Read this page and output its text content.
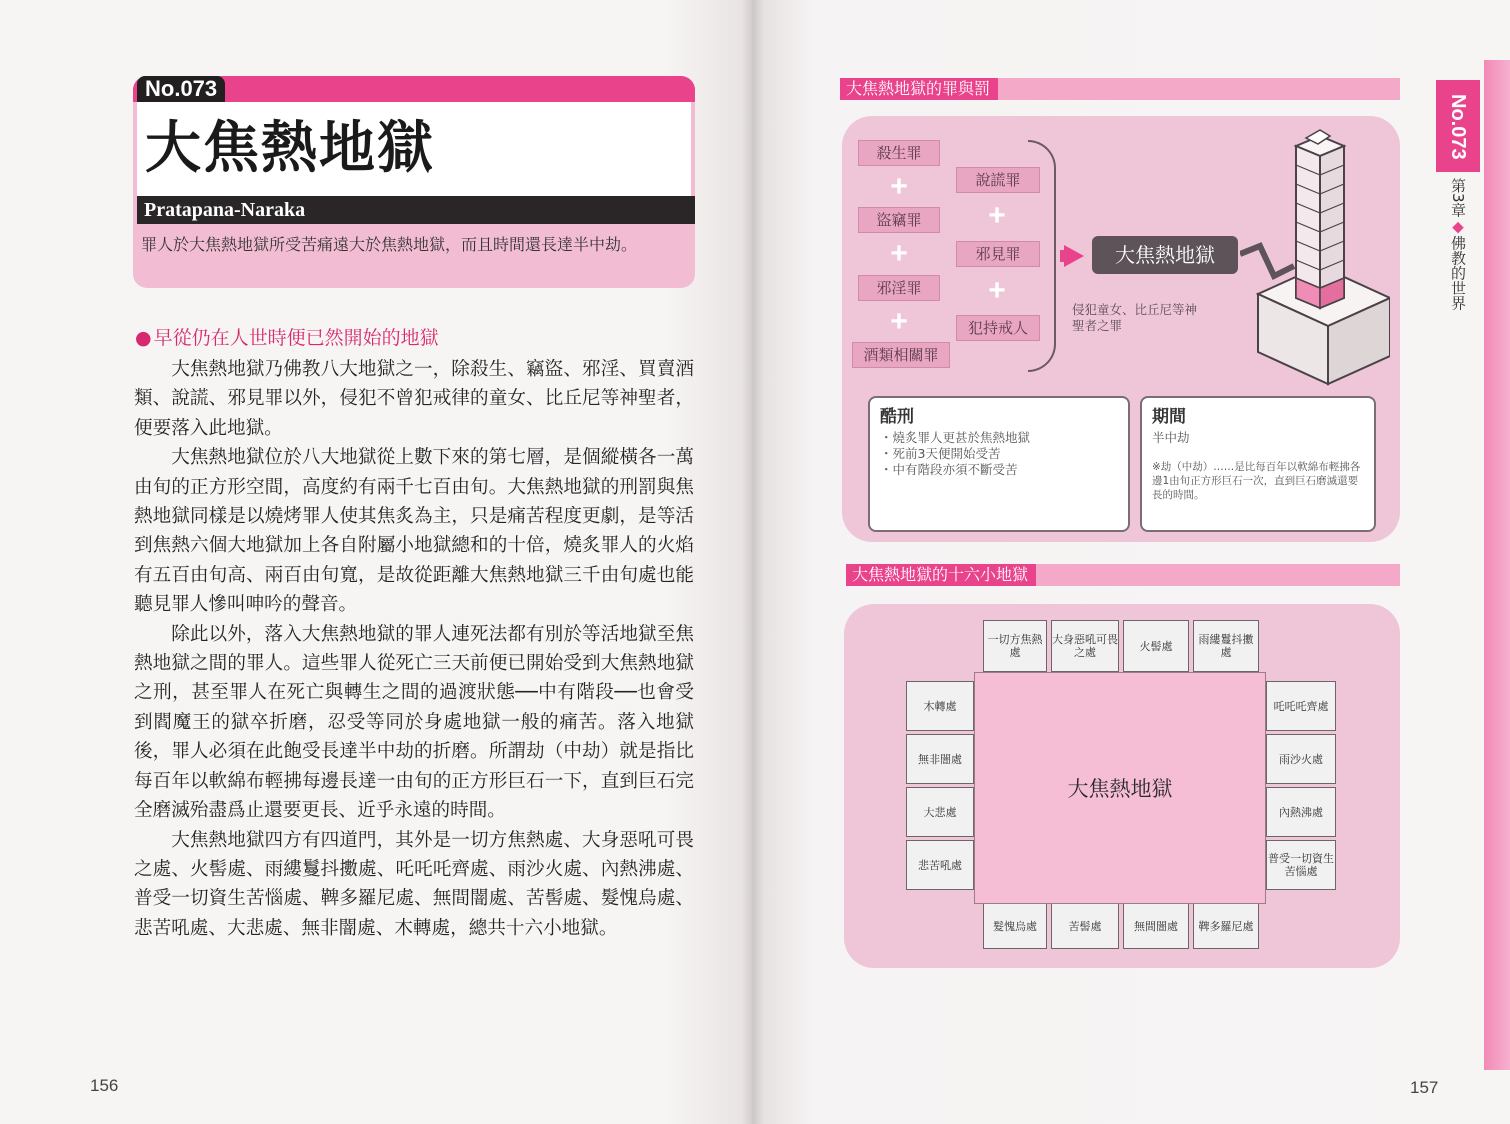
No.073
大焦熱地獄
Pratapana-Naraka
罪人於大焦熱地獄所受苦痛遠大於焦熱地獄，而且時間還長達半中劫。
● 早從仍在人世時便已然開始的地獄

大焦熱地獄乃佛教八大地獄之一，除殺生、竊盜、邪淫、買賣酒類、說謊、邪見罪以外，侵犯不曾犯戒律的童女、比丘尼等神聖者，便要落入此地獄。

大焦熱地獄位於八大地獄從上數下來的第七層，是個縱橫各一萬由旬的正方形空間，高度約有兩千七百由旬。大焦熱地獄的刑罰與焦熱地獄同樣是以燒烤罪人使其焦炙為主，只是痛苦程度更劇，是等活到焦熱六個大地獄加上各自附屬小地獄總和的十倍，燒炙罪人的火焰有五百由旬高、兩百由旬寬，是故從距離大焦熱地獄三千由旬處也能聽見罪人慘叫呻吟的聲音。

除此以外，落入大焦熱地獄的罪人連死法都有別於等活地獄至焦熱地獄之間的罪人。這些罪人從死亡三天前便已開始受到大焦熱地獄之刑，甚至罪人在死亡與轉生之間的過渡狀態──中有階段──也會受到閻魔王的獄卒折磨，忍受等同於身處地獄一般的痛苦。落入地獄後，罪人必須在此飽受長達半中劫的折磨。所謂劫（中劫）就是指比每百年以軟綿布輕拂每邊長達一由旬的正方形巨石一下，直到巨石完全磨滅殆盡爲止還要更長、近乎永遠的時間。

大焦熱地獄四方有四道門，其外是一切方焦熱處、大身惡吼可畏之處、火髻處、雨縷鬘抖擻處、吒吒吒齊處、雨沙火處、內熱沸處、普受一切資生苦惱處、鞞多羅尼處、無間闇處、苦髻處、髮愧烏處、悲苦吼處、大悲處、無非闇處、木轉處，總共十六小地獄。

156
大焦熱地獄的罪與罰
殺生罪
+
盜竊罪
+
邪淫罪
+
酒類相關罪
說謊罪
+
邪見罪
+
犯持戒人
大焦熱地獄
侵犯童女、比丘尼等神聖者之罪
酷刑
・燒炙罪人更甚於焦熱地獄
・死前3天便開始受苦
・中有階段亦須不斷受苦
期間
半中劫
※劫（中劫）……是比每百年以軟綿布輕拂各邊1由旬正方形巨石一次，直到巨石磨滅還要長的時間。
大焦熱地獄的十六小地獄
一切方焦熱處
大身惡吼可畏之處	火髻處	雨縷鬘抖擻處
木轉處
無非闇處
大悲處
悲苦吼處
吒吒吒齊處
雨沙火處
內熱沸處
普受一切資生苦惱處
髮愧烏處	苦髻處	無間闇處	鞞多羅尼處
大焦熱地獄
No.073
第3章◆佛教的世界
157
